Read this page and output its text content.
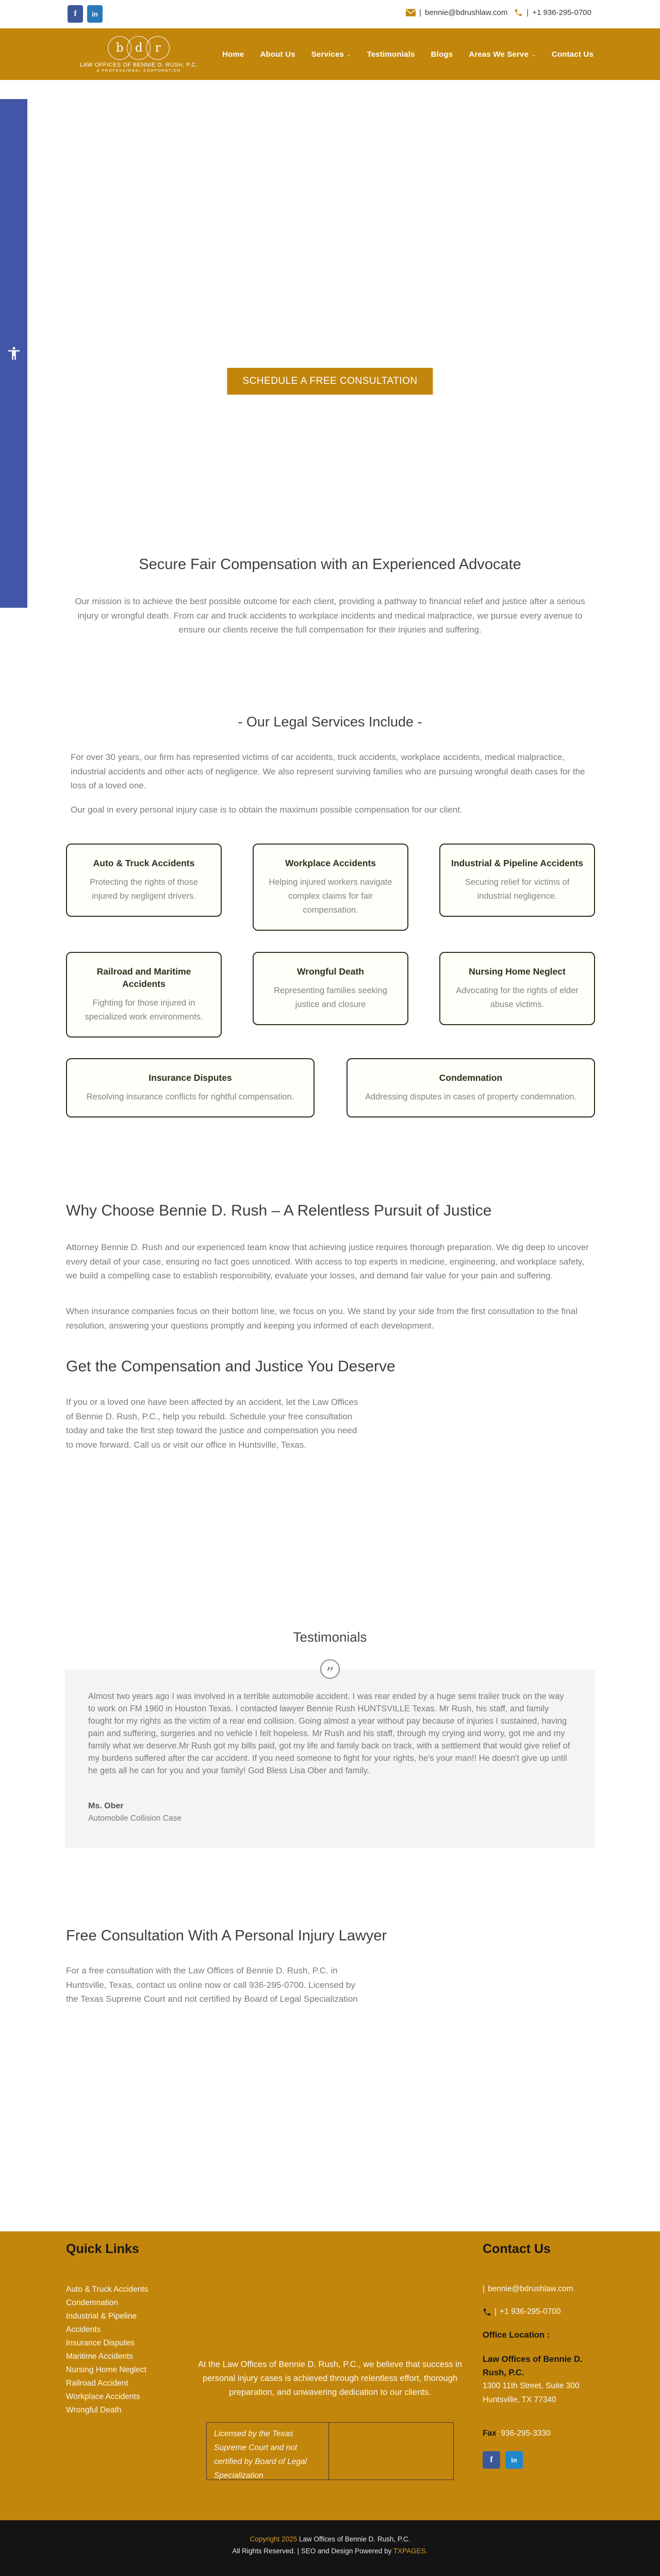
f in	| bennie@bdrushlaw.com | +1 936-295-0700
b d	r
LAW OFFICES OF BENNIE D. RUSH, P.C.
A PROFESSIONAL CORPORATION
Home About Us Services ⌄ Testimonials Blogs Areas We Serve ⌄ Contact Us
SCHEDULE A FREE CONSULTATION
Secure Fair Compensation with an Experienced Advocate
Our mission is to achieve the best possible outcome for each client, providing a pathway to financial relief and justice after a serious injury or wrongful death. From car and truck accidents to workplace incidents and medical malpractice, we pursue every avenue to ensure our clients receive the full compensation for their injuries and suffering.
- Our Legal Services Include -
For over 30 years, our firm has represented victims of car accidents, truck accidents, workplace accidents, medical malpractice, industrial accidents and other acts of negligence. We also represent surviving families who are pursuing wrongful death cases for the loss of a loved one.
Our goal in every personal injury case is to obtain the maximum possible compensation for our client.
Auto & Truck Accidents
Protecting the rights of those injured by negligent drivers.
Workplace Accidents
Helping injured workers navigate complex claims for fair compensation.
Industrial & Pipeline Accidents
Securing relief for victims of industrial negligence.
Railroad and Maritime Accidents
Fighting for those injured in specialized work environments.
Wrongful Death
Representing families seeking justice and closure
Nursing Home Neglect
Advocating for the rights of elder abuse victims.
Insurance Disputes
Resolving insurance conflicts for rightful compensation.
Condemnation
Addressing disputes in cases of property condemnation.
Why Choose Bennie D. Rush – A Relentless Pursuit of Justice
Attorney Bennie D. Rush and our experienced team know that achieving justice requires thorough preparation. We dig deep to uncover every detail of your case, ensuring no fact goes unnoticed. With access to top experts in medicine, engineering, and workplace safety, we build a compelling case to establish responsibility, evaluate your losses, and demand fair value for your pain and suffering.
When insurance companies focus on their bottom line, we focus on you. We stand by your side from the first consultation to the final resolution, answering your questions promptly and keeping you informed of each development.
Get the Compensation and Justice You Deserve
If you or a loved one have been affected by an accident, let the Law Offices of Bennie D. Rush, P.C., help you rebuild. Schedule your free consultation today and take the first step toward the justice and compensation you need to move forward. Call us or visit our office in Huntsville, Texas.
Testimonials
”
Almost two years ago I was involved in a terrible automobile accident. I was rear ended by a huge semi trailer truck on the way to work on FM 1960 in Houston Texas. I contacted lawyer Bennie Rush HUNTSVILLE Texas. Mr Rush, his staff, and family fought for my rights as the victim of a rear end collision. Going almost a year without pay because of injuries I sustained, having pain and suffering, surgeries and no vehicle I felt hopeless. Mr Rush and his staff, through my crying and worry, got me and my family what we deserve.Mr Rush got my bills paid, got my life and family back on track, with a settlement that would give relief of my burdens suffered after the car accident. If you need someone to fight for your rights, he's your man!! He doesn't give up until he gets all he can for you and your family! God Bless Lisa Ober and family.
Ms. Ober
Automobile Collision Case
Free Consultation With A Personal Injury Lawyer
For a free consultation with the Law Offices of Bennie D. Rush, P.C. in Huntsville, Texas, contact us online now or call 936-295-0700. Licensed by the Texas Supreme Court and not certified by Board of Legal Specialization
Quick Links
Auto & Truck Accidents
Condemnation
Industrial & Pipeline Accidents
Insurance Disputes
Maritime Accidents
Nursing Home Neglect
Railroad Accident
Workplace Accidents
Wrongful Death
At the Law Offices of Bennie D. Rush, P.C., we believe that success in personal injury cases is achieved through relentless effort, thorough preparation, and unwavering dedication to our clients.
Licensed by the Texas Supreme Court and not certified by Board of Legal Specialization
Contact Us
| bennie@bdrushlaw.com
| +1 936-295-0700
Office Location :
Law Offices of Bennie D. Rush, P.C.
1300 11th Street, Suite 300
Huntsville, TX 77340
Fax: 936-295-3330
f	in
Copyright 2025 Law Offices of Bennie D. Rush, P.C.
All Rights Reserved. | SEO and Design Powered by TXPAGES.
